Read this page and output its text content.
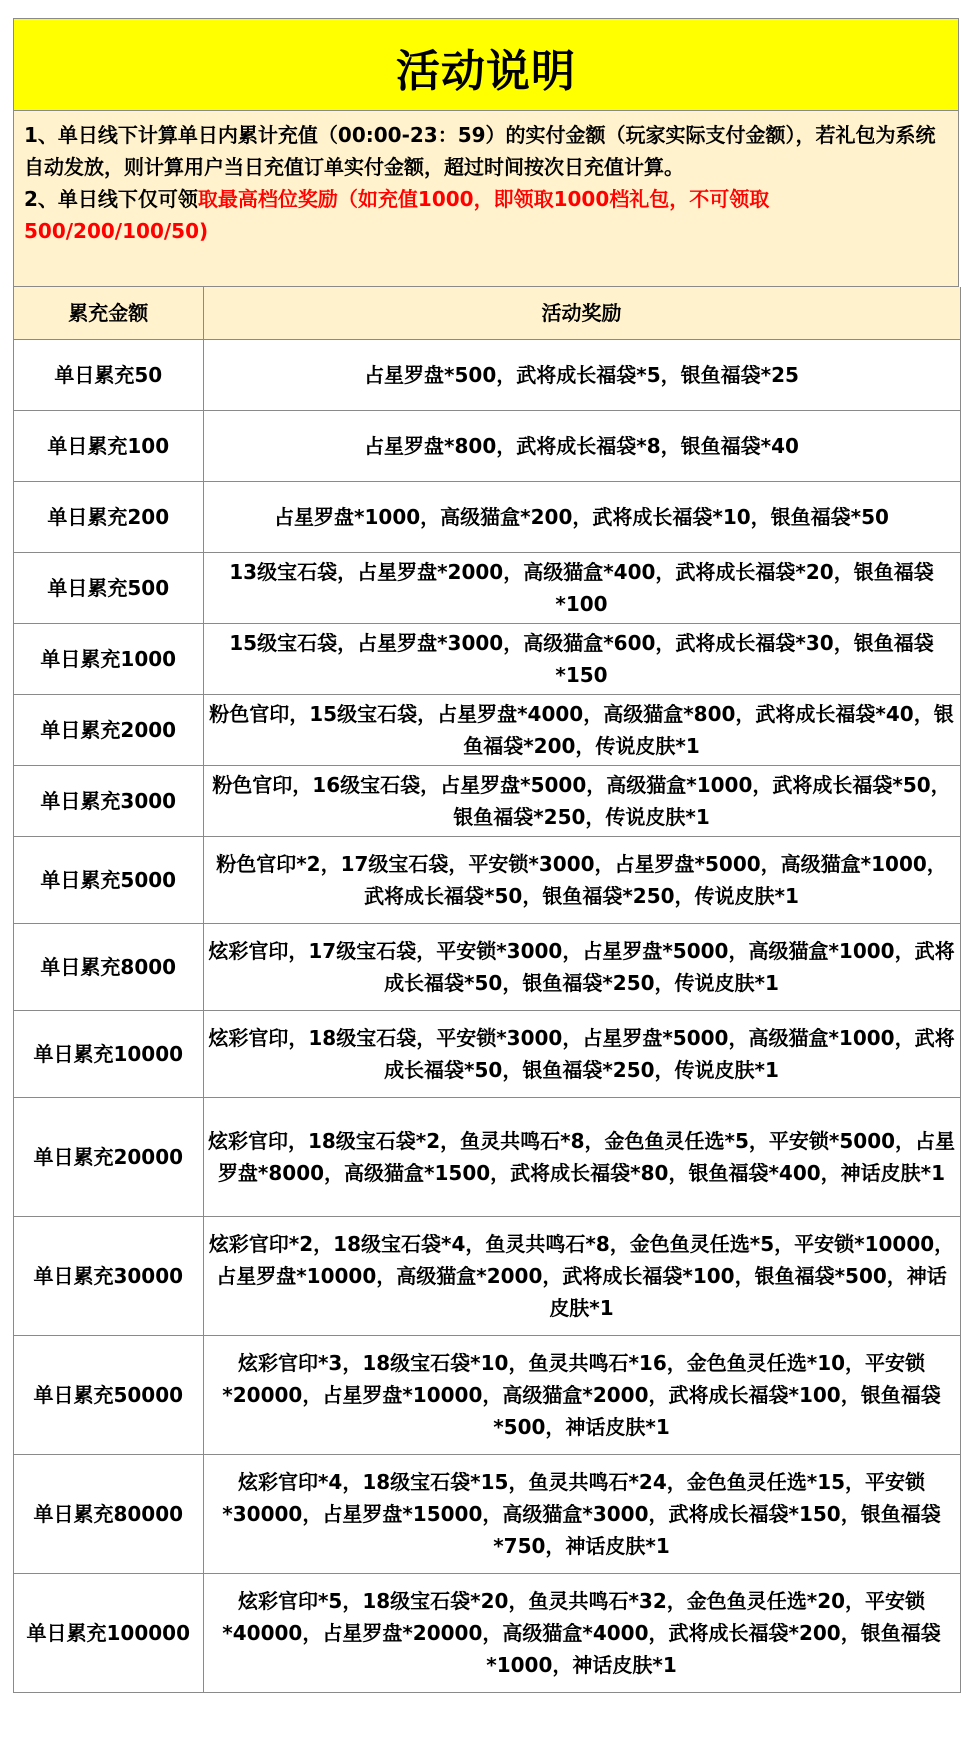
活动说明

1、单日线下计算单日内累计充值（00:00-23：59）的实付金额（玩家实际支付金额），若礼包为系统自动发放，则计算用户当日充值订单实付金额，超过时间按次日充值计算。

2、单日线下仅可领取最高档位奖励（如充值1000，即领取1000档礼包，不可领取500/200/100/50)

累充金额	活动奖励
单日累充50	占星罗盘*500，武将成长福袋*5，银鱼福袋*25
单日累充100	占星罗盘*800，武将成长福袋*8，银鱼福袋*40
单日累充200	占星罗盘*1000，高级猫盒*200，武将成长福袋*10，银鱼福袋*50
单日累充500	13级宝石袋，占星罗盘*2000，高级猫盒*400，武将成长福袋*20，银鱼福袋*100
单日累充1000	15级宝石袋，占星罗盘*3000，高级猫盒*600，武将成长福袋*30，银鱼福袋*150
单日累充2000	粉色官印，15级宝石袋，占星罗盘*4000，高级猫盒*800，武将成长福袋*40，银鱼福袋*200，传说皮肤*1
单日累充3000	粉色官印，16级宝石袋，占星罗盘*5000，高级猫盒*1000，武将成长福袋*50，银鱼福袋*250，传说皮肤*1
单日累充5000	粉色官印*2，17级宝石袋，平安锁*3000，占星罗盘*5000，高级猫盒*1000，武将成长福袋*50，银鱼福袋*250，传说皮肤*1
单日累充8000	炫彩官印，17级宝石袋，平安锁*3000，占星罗盘*5000，高级猫盒*1000，武将成长福袋*50，银鱼福袋*250，传说皮肤*1
单日累充10000	炫彩官印，18级宝石袋，平安锁*3000，占星罗盘*5000，高级猫盒*1000，武将成长福袋*50，银鱼福袋*250，传说皮肤*1
单日累充20000	炫彩官印，18级宝石袋*2，鱼灵共鸣石*8，金色鱼灵任选*5，平安锁*5000，占星罗盘*8000，高级猫盒*1500，武将成长福袋*80，银鱼福袋*400，神话皮肤*1
单日累充30000	炫彩官印*2，18级宝石袋*4，鱼灵共鸣石*8，金色鱼灵任选*5，平安锁*10000，占星罗盘*10000，高级猫盒*2000，武将成长福袋*100，银鱼福袋*500，神话皮肤*1
单日累充50000	炫彩官印*3，18级宝石袋*10，鱼灵共鸣石*16，金色鱼灵任选*10，平安锁*20000，占星罗盘*10000，高级猫盒*2000，武将成长福袋*100，银鱼福袋*500，神话皮肤*1
单日累充80000	炫彩官印*4，18级宝石袋*15，鱼灵共鸣石*24，金色鱼灵任选*15，平安锁*30000，占星罗盘*15000，高级猫盒*3000，武将成长福袋*150，银鱼福袋*750，神话皮肤*1
单日累充100000	炫彩官印*5，18级宝石袋*20，鱼灵共鸣石*32，金色鱼灵任选*20，平安锁*40000，占星罗盘*20000，高级猫盒*4000，武将成长福袋*200，银鱼福袋*1000，神话皮肤*1
